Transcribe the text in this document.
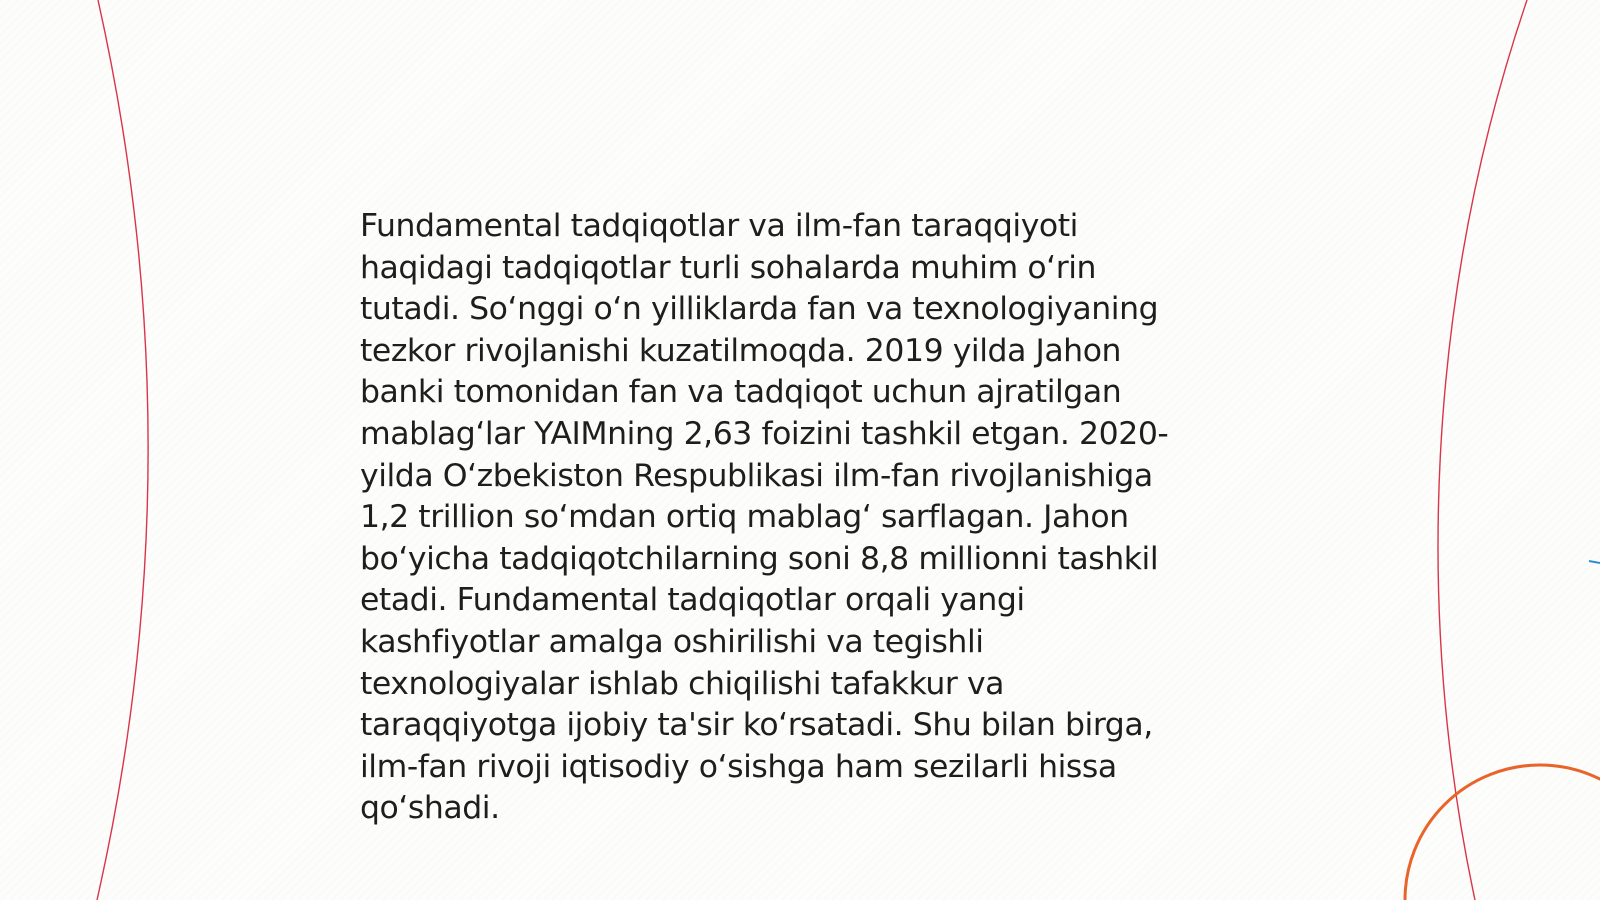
Fundamental tadqiqotlar va ilm-fan taraqqiyoti
haqidagi tadqiqotlar turli sohalarda muhim o‘rin
tutadi. So‘nggi o‘n yilliklarda fan va texnologiyaning
tezkor rivojlanishi kuzatilmoqda. 2019 yilda Jahon
banki tomonidan fan va tadqiqot uchun ajratilgan
mablag‘lar YAIMning 2,63 foizini tashkil etgan. 2020-
yilda O‘zbekiston Respublikasi ilm-fan rivojlanishiga
1,2 trillion so‘mdan ortiq mablag‘ sarflagan. Jahon
bo‘yicha tadqiqotchilarning soni 8,8 millionni tashkil
etadi. Fundamental tadqiqotlar orqali yangi
kashfiyotlar amalga oshirilishi va tegishli
texnologiyalar ishlab chiqilishi tafakkur va
taraqqiyotga ijobiy ta'sir ko‘rsatadi. Shu bilan birga,
ilm-fan rivoji iqtisodiy o‘sishga ham sezilarli hissa
qo‘shadi.
